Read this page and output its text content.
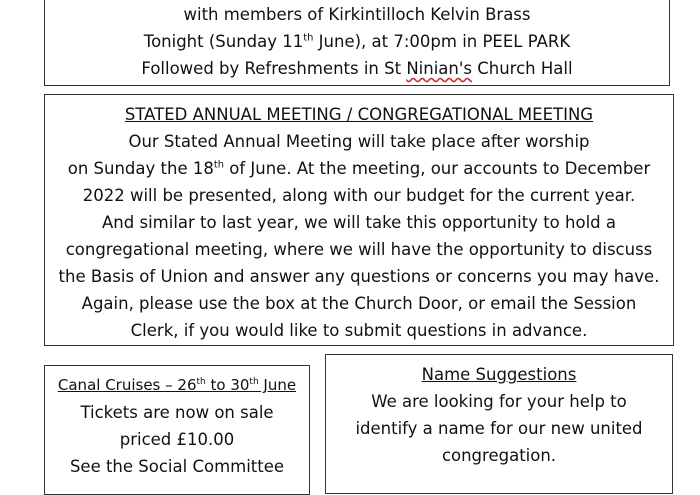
with members of Kirkintilloch Kelvin Brass
Tonight (Sunday 11th June), at 7:00pm in PEEL PARK
Followed by Refreshments in St Ninian's Church Hall
STATED ANNUAL MEETING / CONGREGATIONAL MEETING
Our Stated Annual Meeting will take place after worship
on Sunday the 18th of June. At the meeting, our accounts to December
2022 will be presented, along with our budget for the current year.
And similar to last year, we will take this opportunity to hold a
congregational meeting, where we will have the opportunity to discuss
the Basis of Union and answer any questions or concerns you may have.
Again, please use the box at the Church Door, or email the Session
Clerk, if you would like to submit questions in advance.
Canal Cruises – 26th to 30th June
Tickets are now on sale
priced £10.00
See the Social Committee
Name Suggestions
We are looking for your help to
identify a name for our new united
congregation.
